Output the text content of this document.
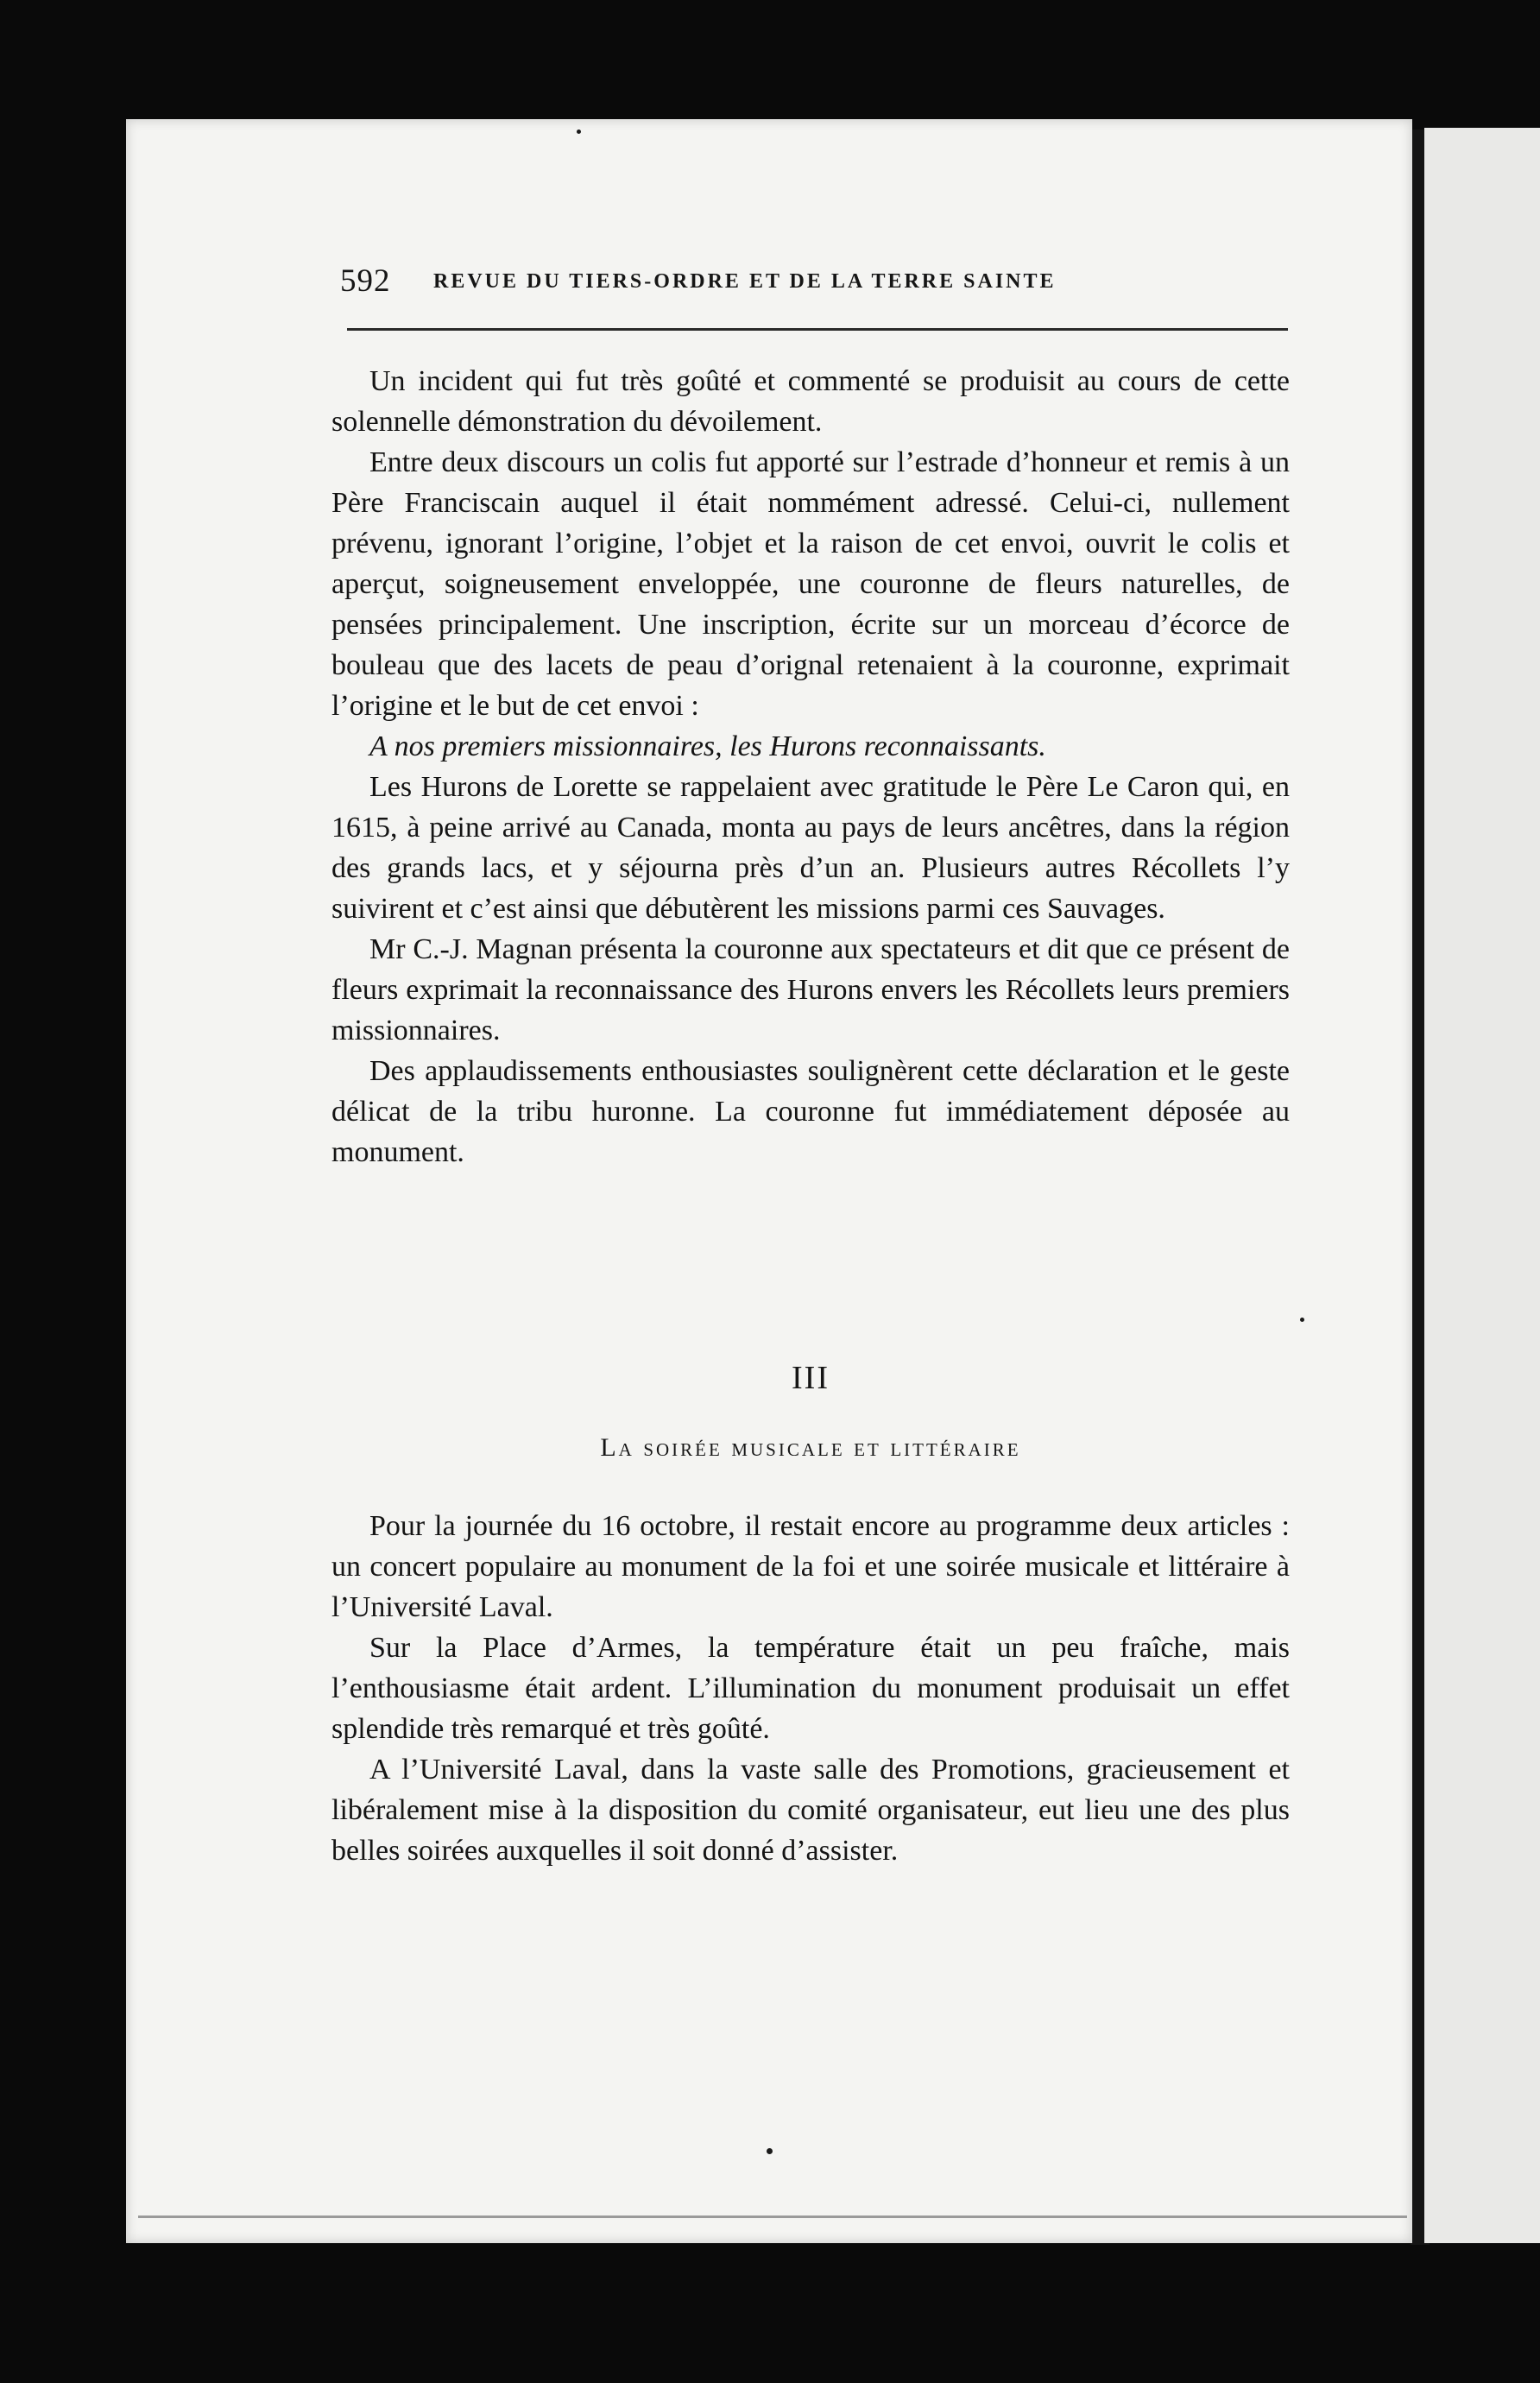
592 REVUE DU TIERS-ORDRE ET DE LA TERRE SAINTE

Un incident qui fut très goûté et commenté se produisit au cours de cette solennelle démonstration du dévoilement.

Entre deux discours un colis fut apporté sur l’estrade d’honneur et remis à un Père Franciscain auquel il était nommément adressé. Celui-ci, nullement prévenu, ignorant l’origine, l’objet et la raison de cet envoi, ouvrit le colis et aperçut, soigneusement enveloppée, une couronne de fleurs naturelles, de pensées principalement. Une inscription, écrite sur un morceau d’écorce de bouleau que des lacets de peau d’orignal retenaient à la couronne, exprimait l’origine et le but de cet envoi :

A nos premiers missionnaires, les Hurons reconnaissants.

Les Hurons de Lorette se rappelaient avec gratitude le Père Le Caron qui, en 1615, à peine arrivé au Canada, monta au pays de leurs ancêtres, dans la région des grands lacs, et y séjourna près d’un an. Plusieurs autres Récollets l’y suivirent et c’est ainsi que débutèrent les missions parmi ces Sauvages.

Mr C.-J. Magnan présenta la couronne aux spectateurs et dit que ce présent de fleurs exprimait la reconnaissance des Hurons envers les Récollets leurs premiers missionnaires.

Des applaudissements enthousiastes soulignèrent cette déclaration et le geste délicat de la tribu huronne. La couronne fut immédiatement déposée au monument.

III
La soirée musicale et littéraire

Pour la journée du 16 octobre, il restait encore au programme deux articles : un concert populaire au monument de la foi et une soirée musicale et littéraire à l’Université Laval.

Sur la Place d’Armes, la température était un peu fraîche, mais l’enthousiasme était ardent. L’illumination du monument produisait un effet splendide très remarqué et très goûté.

A l’Université Laval, dans la vaste salle des Promotions, gracieusement et libéralement mise à la disposition du comité organisateur, eut lieu une des plus belles soirées auxquelles il soit donné d’assister.
